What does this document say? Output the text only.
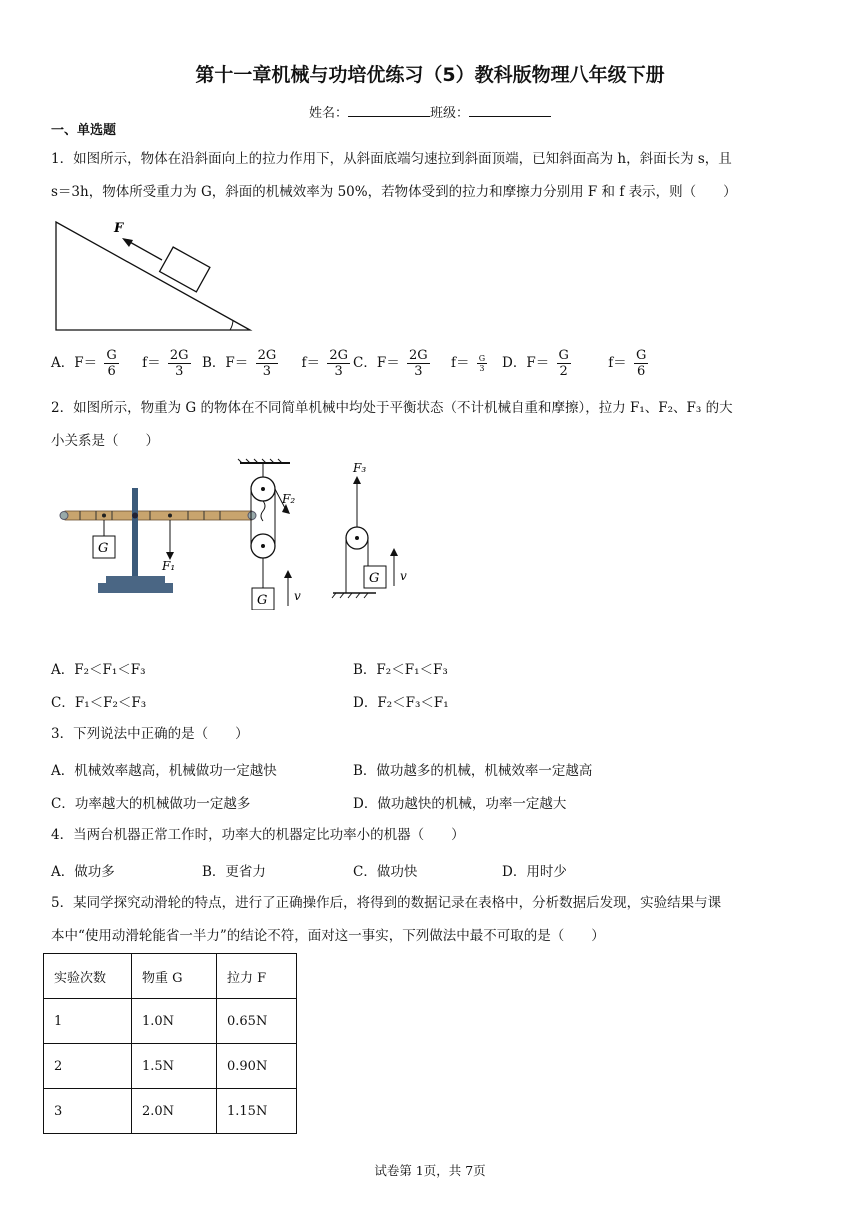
第十一章机械与功培优练习（5）教科版物理八年级下册
姓名：	班级：
一、单选题
1．如图所示，物体在沿斜面向上的拉力作用下，从斜面底端匀速拉到斜面顶端，已知斜面高为 h，斜面长为 s，且
s＝3h，物体所受重力为 G，斜面的机械效率为 50%，若物体受到的拉力和摩擦力分别用 F 和 f 表示，则（　　）
F
A．$F= \frac{G}{6} f= \frac{2G}{3}$ B．$F= \frac{2G}{3} f= \frac{2G}{3}$ C．$F= \frac{2G}{3} f= \frac{G}{3}$ D．$F= \frac{G}{2}$	$f= \frac{G}{6}$
2．如图所示，物重为 G 的物体在不同简单机械中均处于平衡状态（不计机械自重和摩擦），拉力 F₁、F₂、F₃ 的大
小关系是（　　）
G
F₁
F₂
G v
F₃
G v
A．F₂＜F₁＜F₃	B．F₂＜F₁＜F₃
C．F₁＜F₂＜F₃	D．F₂＜F₃＜F₁
3．下列说法中正确的是（　　）
A．机械效率越高，机械做功一定越快	B．做功越多的机械，机械效率一定越高
C．功率越大的机械做功一定越多	D．做功越快的机械，功率一定越大
4．当两台机器正常工作时，功率大的机器定比功率小的机器（　　）
A．做功多	B．更省力	C．做功快	D．用时少
5．某同学探究动滑轮的特点，进行了正确操作后，将得到的数据记录在表格中，分析数据后发现，实验结果与课
本中“使用动滑轮能省一半力”的结论不符，面对这一事实，下列做法中最不可取的是（　　）
实验次数	物重 G	拉力 F
1	1.0N	0.65N
2	1.5N	0.90N
3	2.0N	1.15N
试卷第 1页，共 7页
